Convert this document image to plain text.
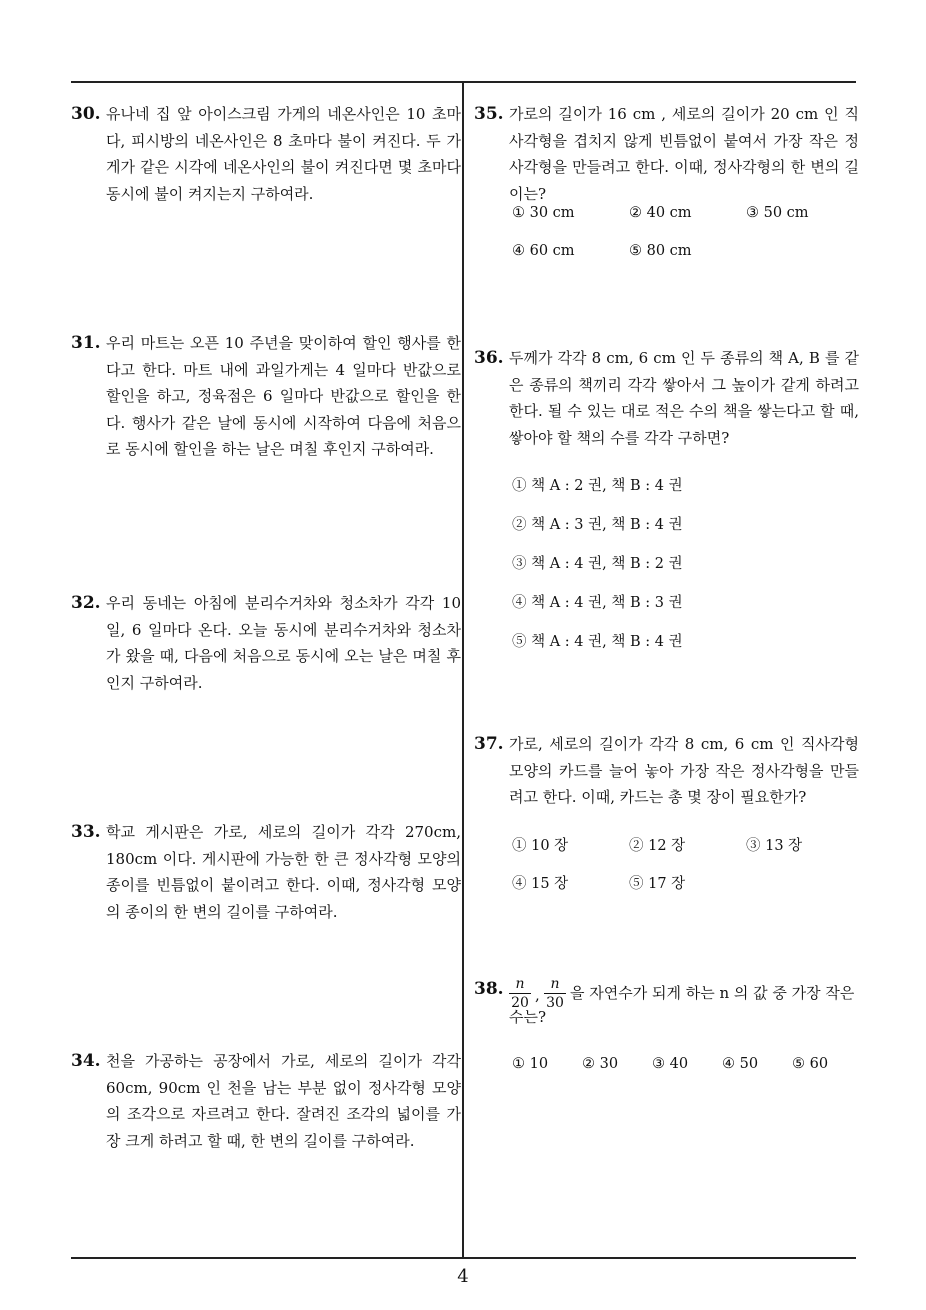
30. 유나네 집 앞 아이스크림 가게의 네온사인은 10 초마다, 피시방의 네온사인은 8 초마다 불이 켜진다. 두 가게가 같은 시각에 네온사인의 불이 켜진다면 몇 초마다 동시에 불이 켜지는지 구하여라.
31. 우리 마트는 오픈 10 주년을 맞이하여 할인 행사를 한다고 한다. 마트 내에 과일가게는 4 일마다 반값으로 할인을 하고, 정육점은 6 일마다 반값으로 할인을 한다. 행사가 같은 날에 동시에 시작하여 다음에 처음으로 동시에 할인을 하는 날은 며칠 후인지 구하여라.
32. 우리 동네는 아침에 분리수거차와 청소차가 각각 10 일, 6 일마다 온다. 오늘 동시에 분리수거차와 청소차가 왔을 때, 다음에 처음으로 동시에 오는 날은 며칠 후인지 구하여라.
33. 학교 게시판은 가로, 세로의 길이가 각각 270cm, 180cm 이다. 게시판에 가능한 한 큰 정사각형 모양의 종이를 빈틈없이 붙이려고 한다. 이때, 정사각형 모양의 종이의 한 변의 길이를 구하여라.
34. 천을 가공하는 공장에서 가로, 세로의 길이가 각각 60cm, 90cm 인 천을 남는 부분 없이 정사각형 모양의 조각으로 자르려고 한다. 잘려진 조각의 넓이를 가장 크게 하려고 할 때, 한 변의 길이를 구하여라.
35. 가로의 길이가 16 cm , 세로의 길이가 20 cm 인 직사각형을 겹치지 않게 빈틈없이 붙여서 가장 작은 정사각형을 만들려고 한다. 이때, 정사각형의 한 변의 길이는?
① 30 cm	② 40 cm	③ 50 cm
④ 60 cm	⑤ 80 cm
36. 두께가 각각 8 cm, 6 cm 인 두 종류의 책 A, B 를 같은 종류의 책끼리 각각 쌓아서 그 높이가 같게 하려고 한다. 될 수 있는 대로 적은 수의 책을 쌓는다고 할 때, 쌓아야 할 책의 수를 각각 구하면?
① 책 A : 2 권, 책 B : 4 권
② 책 A : 3 권, 책 B : 4 권
③ 책 A : 4 권, 책 B : 2 권
④ 책 A : 4 권, 책 B : 3 권
⑤ 책 A : 4 권, 책 B : 4 권
37. 가로, 세로의 길이가 각각 8 cm, 6 cm 인 직사각형 모양의 카드를 늘어 놓아 가장 작은 정사각형을 만들려고 한다. 이때, 카드는 총 몇 장이 필요한가?
① 10 장	② 12 장	③ 13 장
④ 15 장	⑤ 17 장
38. n
20 ,
n
30
을 자연수가 되게 하는 n 의 값 중 가장 작은
수는?
① 10 ② 30 ③ 40 ④ 50 ⑤ 60
4
